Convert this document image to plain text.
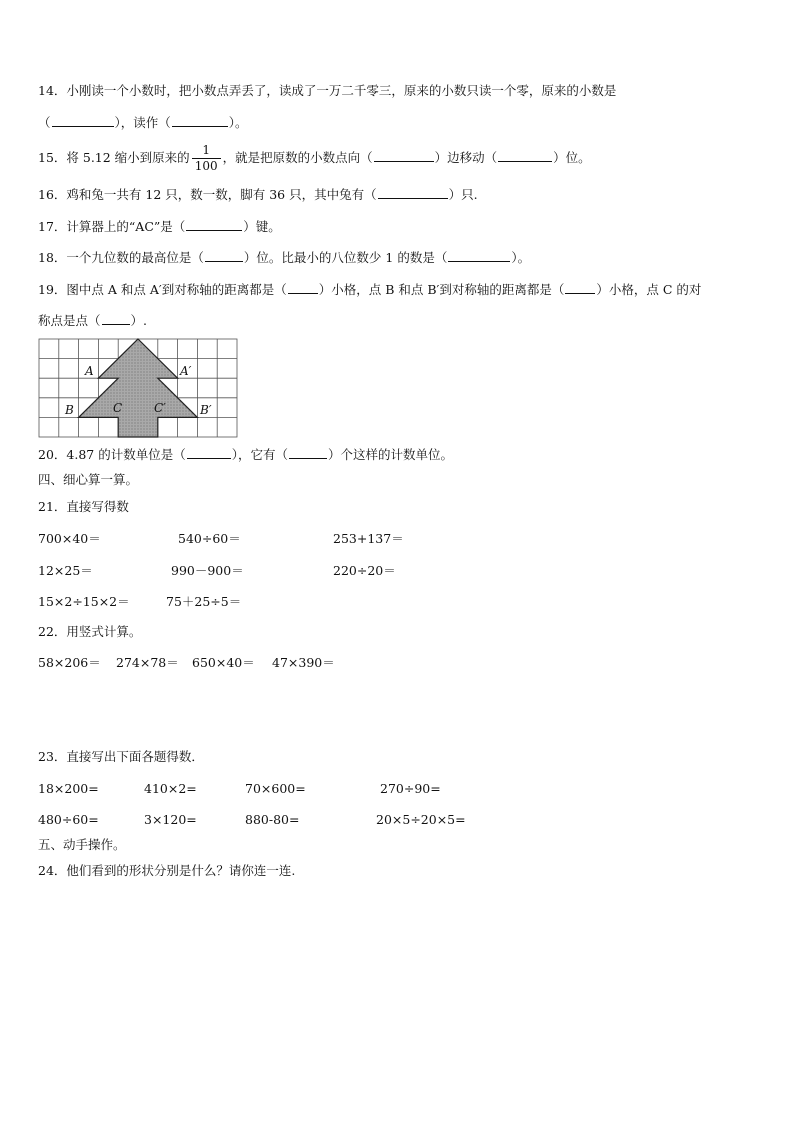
14．小刚读一个小数时，把小数点弄丢了，读成了一万二千零三，原来的小数只读一个零，原来的小数是
（	），读作（	）。
15．将 5.12 缩小到原来的 $\frac{1}{100}$ ，就是把原数的小数点向（	）边移动（	）位。
16．鸡和兔一共有 12 只，数一数，脚有 36 只，其中兔有（	）只.
17．计算器上的“AC”是（	）键。
18．一个九位数的最高位是（	）位。比最小的八位数少 1 的数是（	）。
19．图中点 A 和点 A′到对称轴的距离都是（	）小格，点 B 和点 B′到对称轴的距离都是（	）小格，点 C 的对
称点是点（ ）.
A	A′
B	B′
C	C′
20．4.87 的计数单位是（	），它有（	）个这样的计数单位。
四、细心算一算。
21．直接写得数
700×40＝	540÷60＝	253+137＝
12×25＝	990－900＝	220÷20＝
15×2÷15×2＝	75＋25÷5＝
22．用竖式计算。
58×206＝ 274×78＝ 650×40＝ 47×390＝
23．直接写出下面各题得数．
18×200=	410×2=	70×600=	270÷90=
480÷60=	3×120=	880-80=	20×5÷20×5=
五、动手操作。
24．他们看到的形状分别是什么？请你连一连.
